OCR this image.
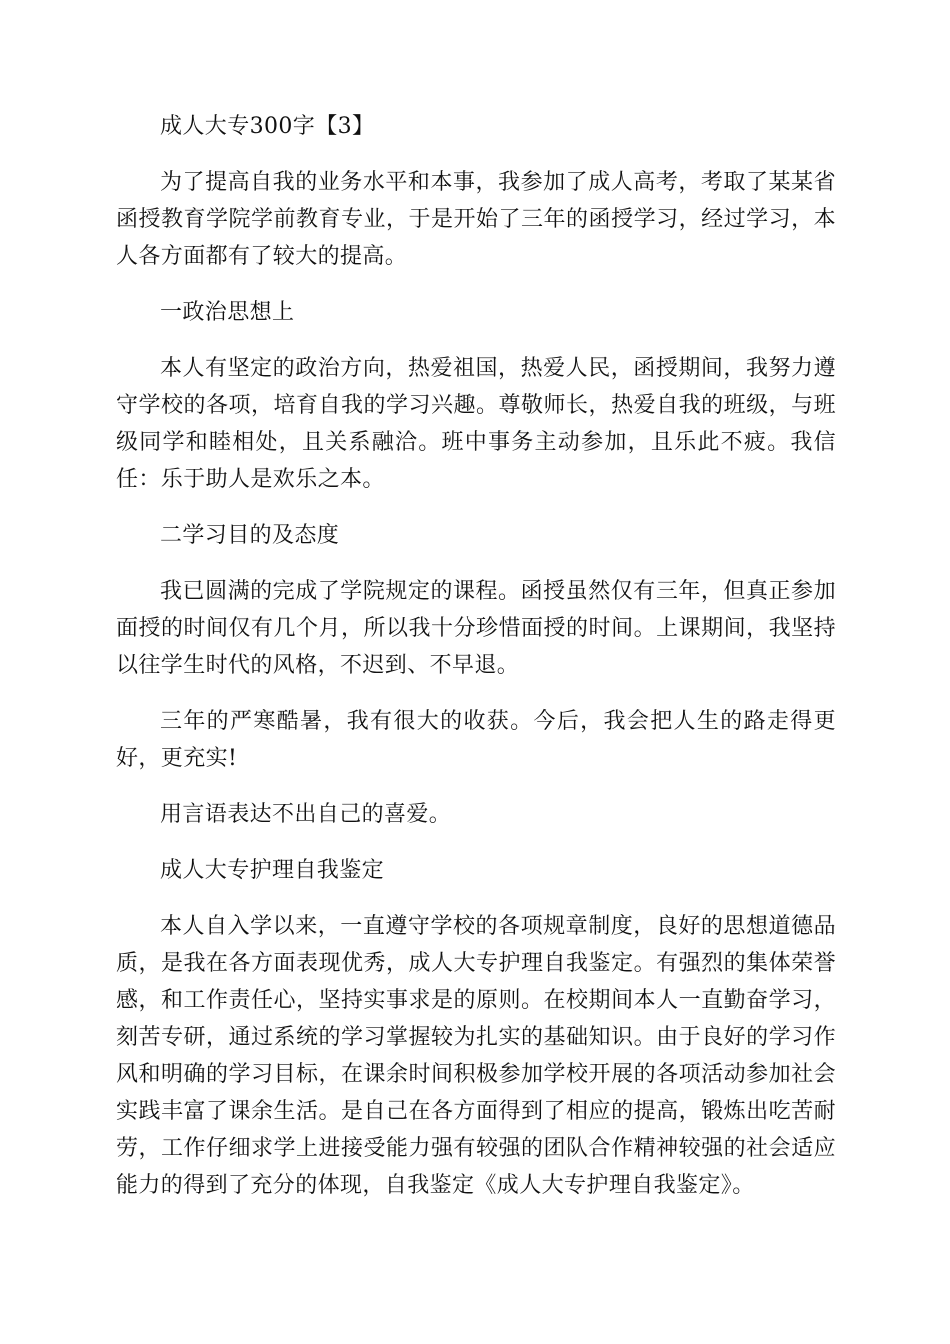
成人大专300字【3】

为了提高自我的业务水平和本事，我参加了成人高考，考取了某某省函授教育学院学前教育专业，于是开始了三年的函授学习，经过学习，本人各方面都有了较大的提高。

一政治思想上

本人有坚定的政治方向，热爱祖国，热爱人民，函授期间，我努力遵守学校的各项，培育自我的学习兴趣。尊敬师长，热爱自我的班级，与班级同学和睦相处，且关系融洽。班中事务主动参加，且乐此不疲。我信任：乐于助人是欢乐之本。

二学习目的及态度

我已圆满的完成了学院规定的课程。函授虽然仅有三年，但真正参加面授的时间仅有几个月，所以我十分珍惜面授的时间。上课期间，我坚持以往学生时代的风格，不迟到、不早退。

三年的严寒酷暑，我有很大的收获。今后，我会把人生的路走得更好，更充实!

用言语表达不出自己的喜爱。

成人大专护理自我鉴定

本人自入学以来，一直遵守学校的各项规章制度，良好的思想道德品质，是我在各方面表现优秀，成人大专护理自我鉴定。有强烈的集体荣誉感，和工作责任心，坚持实事求是的原则。在校期间本人一直勤奋学习，刻苦专研，通过系统的学习掌握较为扎实的基础知识。由于良好的学习作风和明确的学习目标，在课余时间积极参加学校开展的各项活动参加社会实践丰富了课余生活。是自己在各方面得到了相应的提高，锻炼出吃苦耐劳，工作仔细求学上进接受能力强有较强的团队合作精神较强的社会适应能力的得到了充分的体现，自我鉴定《成人大专护理自我鉴定》。
